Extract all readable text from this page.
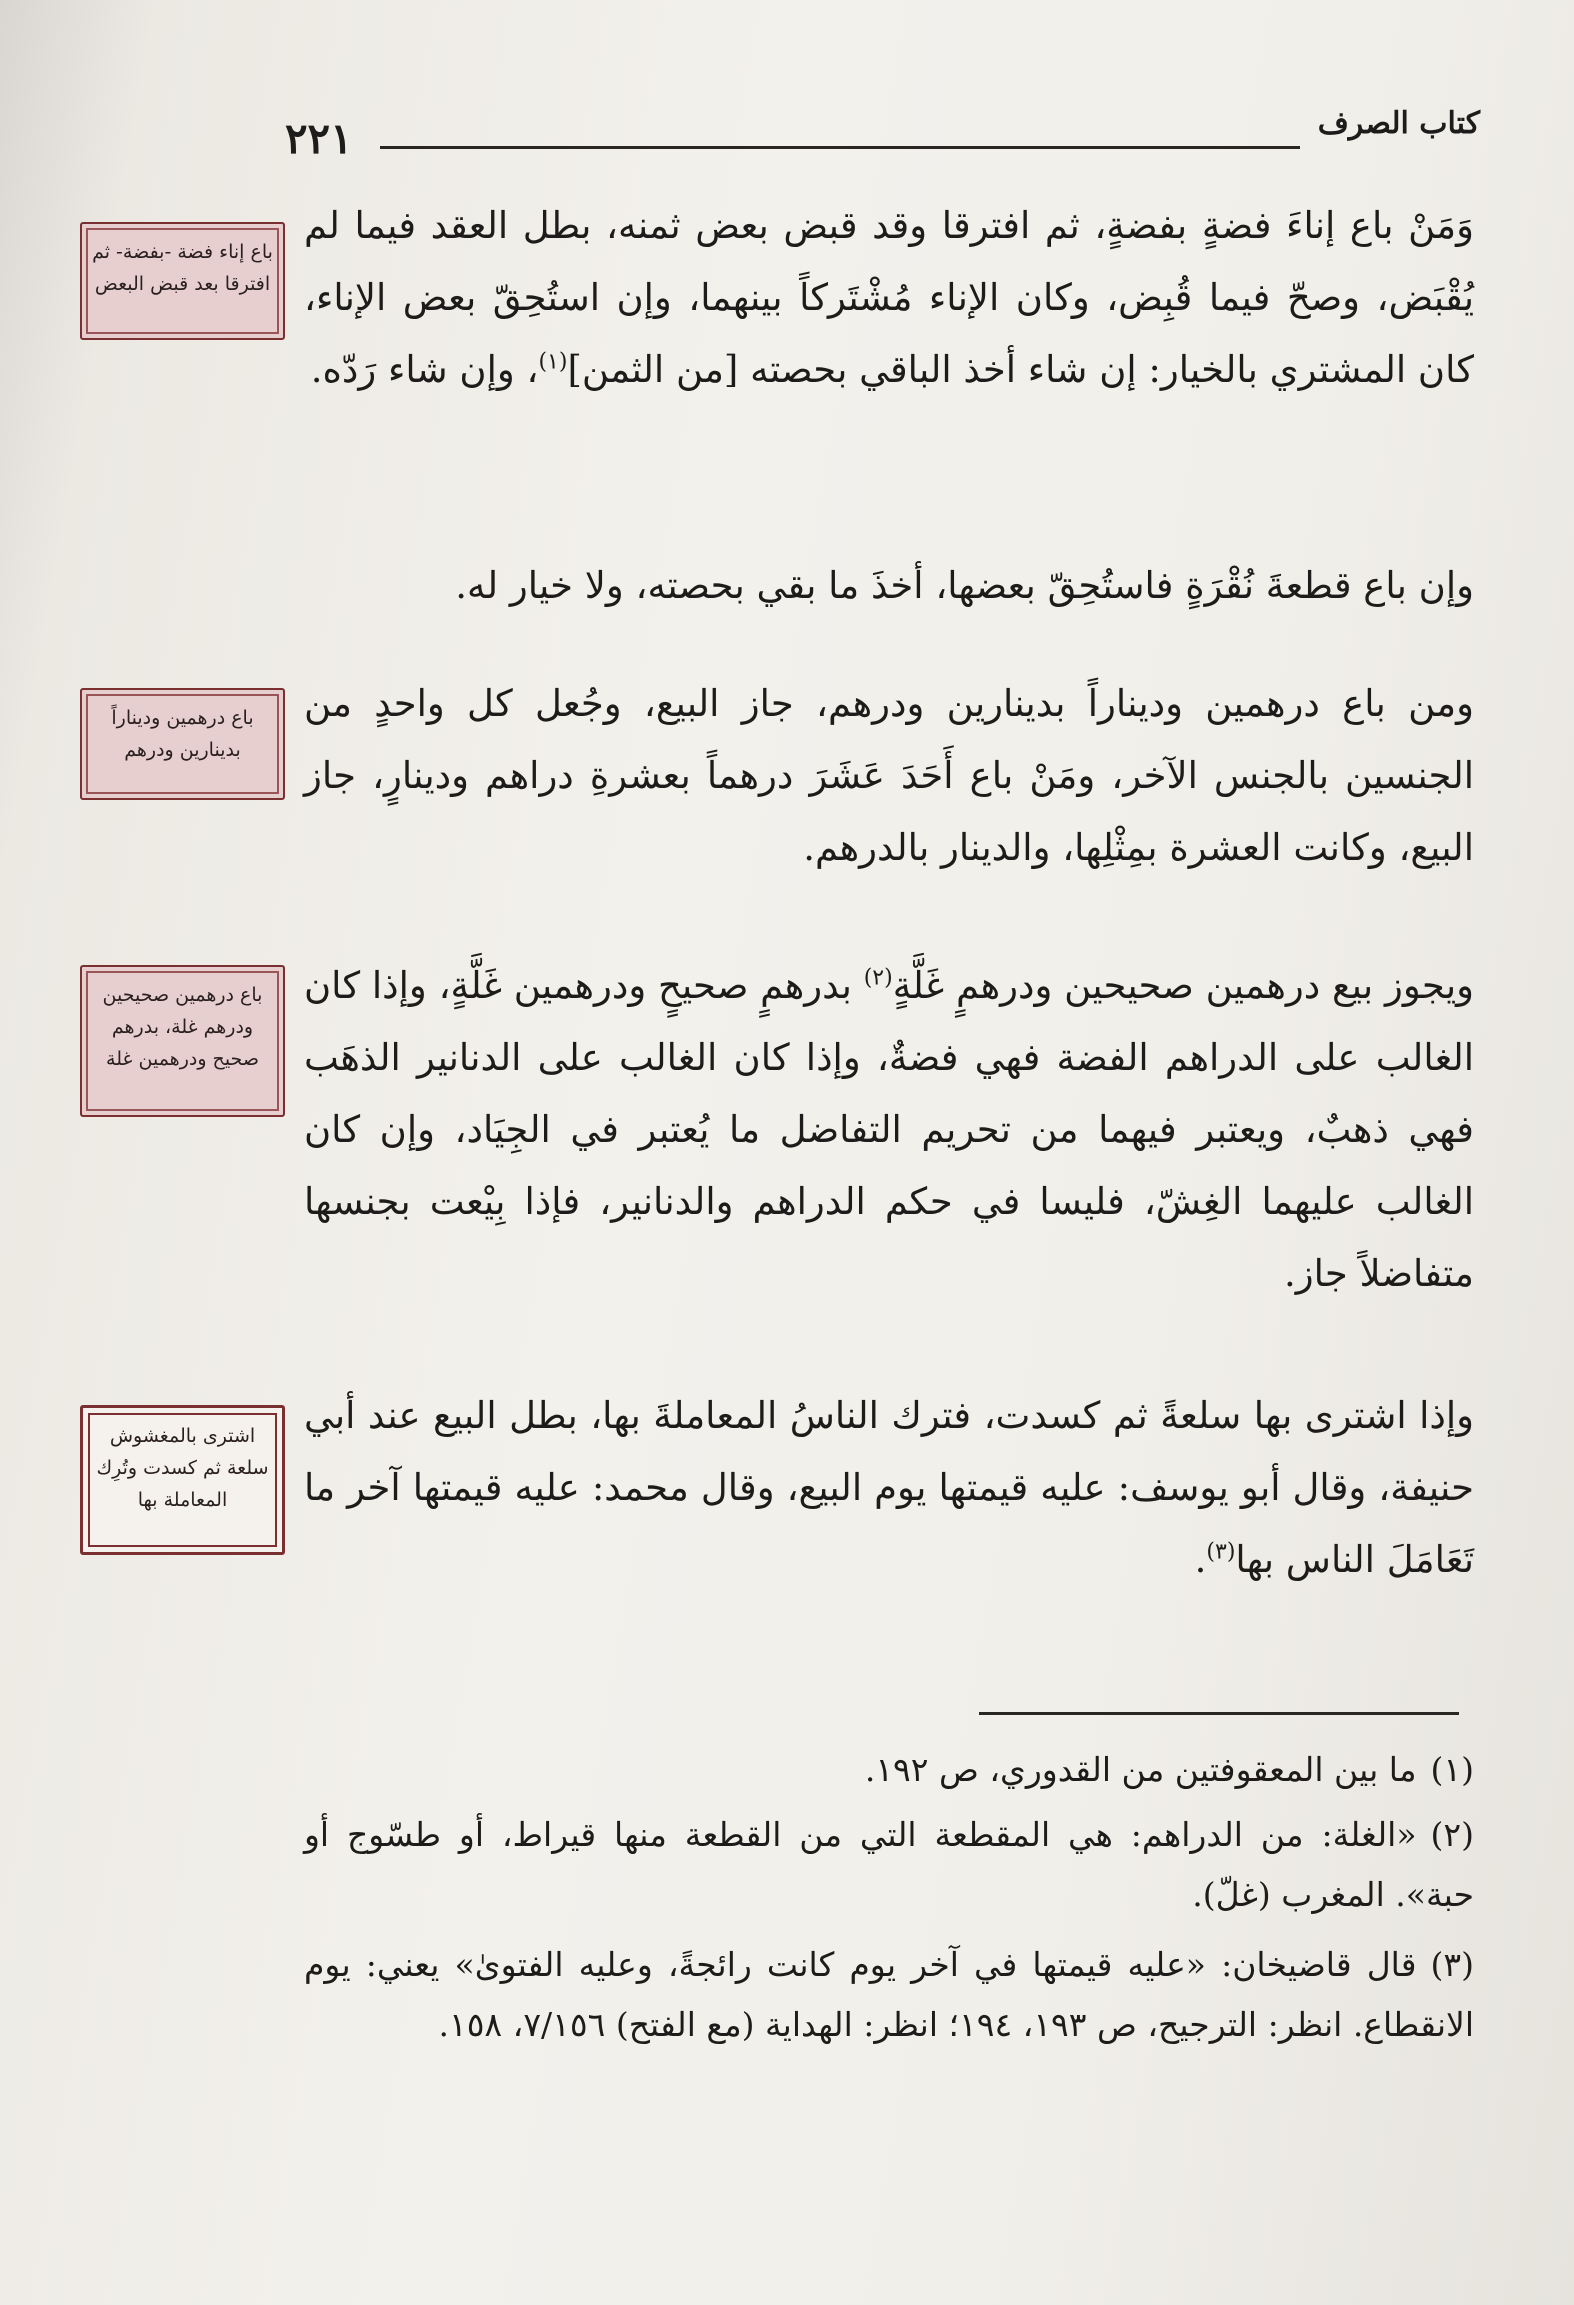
٢٢١	كتاب الصرف
وَمَنْ باع إناءَ فضةٍ بفضةٍ، ثم افترقا وقد قبض بعض ثمنه، بطل العقد فيما لم يُقْبَض، وصحّ فيما قُبِض، وكان الإناء مُشْتَركاً بينهما، وإن استُحِقّ بعض الإناء، كان المشتري بالخيار: إن شاء أخذ الباقي بحصته [من الثمن]$^{(١)}$، وإن شاء رَدّه.
وإن باع قطعةَ نُقْرَةٍ فاستُحِقّ بعضها، أخذَ ما بقي بحصته، ولا خيار له.
ومن باع درهمين وديناراً بدينارين ودرهم، جاز البيع، وجُعل كل واحدٍ من الجنسين بالجنس الآخر، ومَنْ باع أَحَدَ عَشَرَ درهماً بعشرةِ دراهم ودينارٍ، جاز البيع، وكانت العشرة بمِثْلِها، والدينار بالدرهم.
ويجوز بيع درهمين صحيحين ودرهمٍ غَلَّةٍ$^{(٢)}$ بدرهمٍ صحيحٍ ودرهمين غَلَّةٍ، وإذا كان الغالب على الدراهم الفضة فهي فضةٌ، وإذا كان الغالب على الدنانير الذهَب فهي ذهبٌ، ويعتبر فيهما من تحريم التفاضل ما يُعتبر في الجِيَاد، وإن كان الغالب عليهما الغِشّ، فليسا في حكم الدراهم والدنانير، فإذا بِيْعت بجنسها متفاضلاً جاز.
وإذا اشترى بها سلعةً ثم كسدت، فترك الناسُ المعاملةَ بها، بطل البيع عند أبي حنيفة، وقال أبو يوسف: عليه قيمتها يوم البيع، وقال محمد: عليه قيمتها آخر ما تَعَامَلَ الناس بها$^{(٣)}$.
باع إناء فضة -بفضة- ثم افترقا بعد قبض البعض
باع درهمين وديناراً بدينارين ودرهم
باع درهمين صحيحين ودرهم غلة، بدرهم صحيح ودرهمين غلة
اشترى بالمغشوش سلعة ثم كسدت وتُرِك المعاملة بها
(١)ما بين المعقوفتين من القدوري، ص ١٩٢.
(٢)«الغلة: من الدراهم: هي المقطعة التي من القطعة منها قيراط، أو طسّوج أو حبة». المغرب (غلّ).
(٣)قال قاضيخان: «عليه قيمتها في آخر يوم كانت رائجةً، وعليه الفتوىٰ» يعني: يوم الانقطاع. انظر: الترجيح، ص ١٩٣، ١٩٤؛ انظر: الهداية (مع الفتح) ٧/١٥٦، ١٥٨.
